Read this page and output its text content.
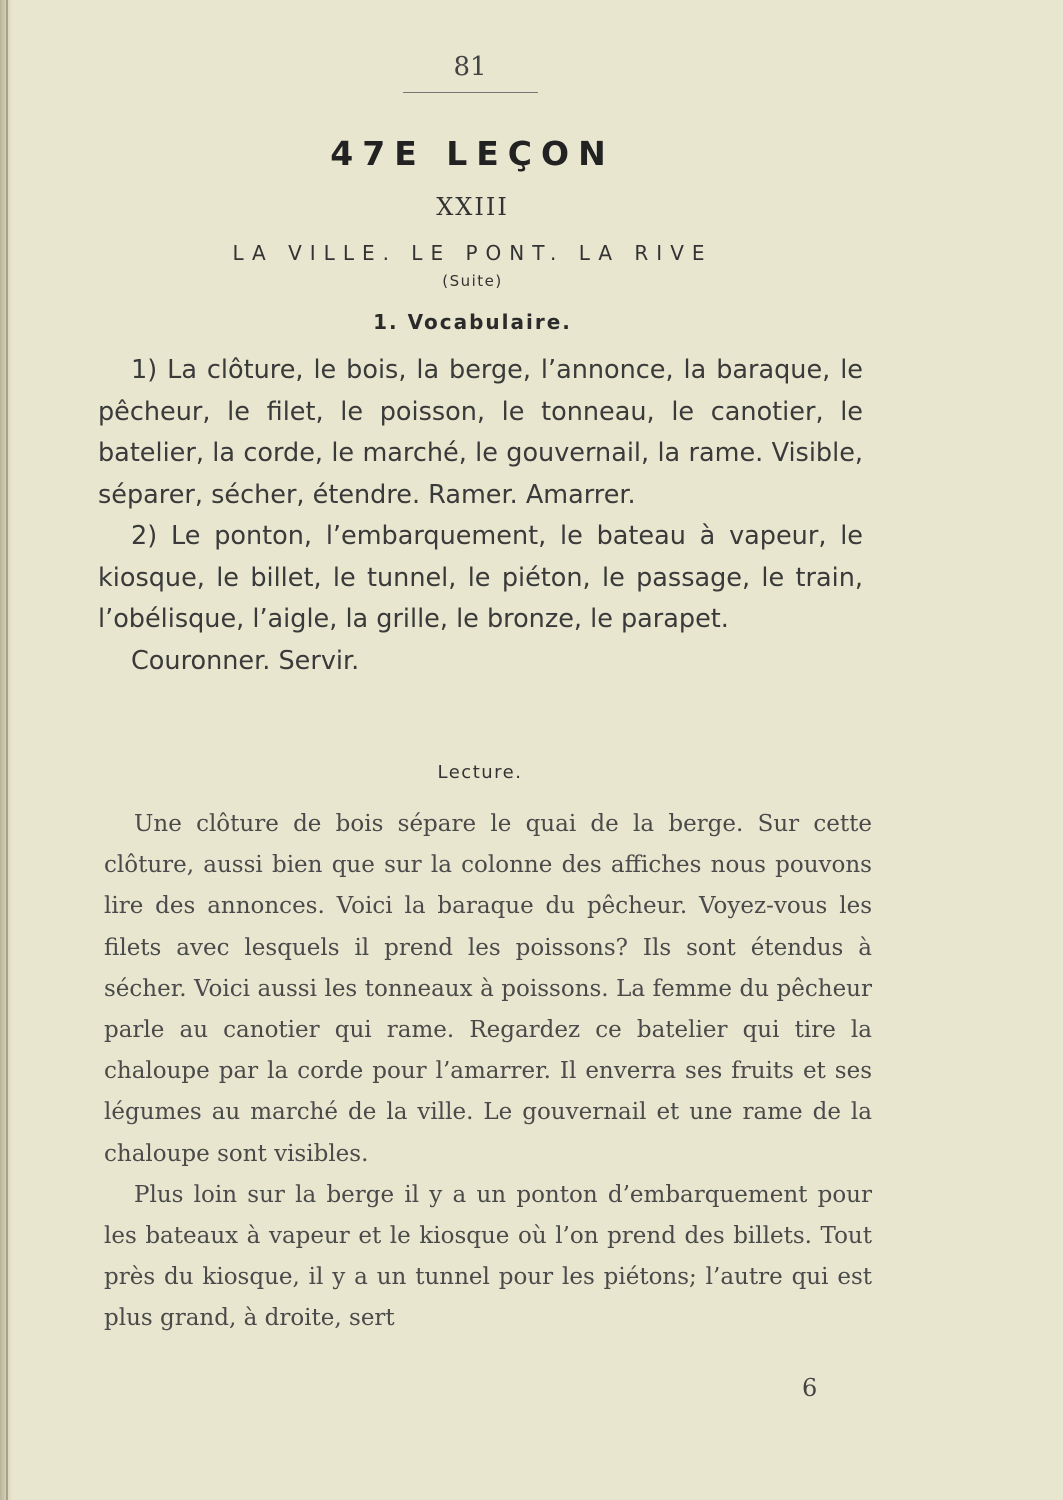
81
47E LEÇON
XXIII
LA VILLE. LE PONT. LA RIVE
(Suite)
1. Vocabulaire.

1) La clôture, le bois, la berge, l’annonce, la baraque, le pêcheur, le filet, le poisson, le tonneau, le canotier, le batelier, la corde, le marché, le gouvernail, la rame. Visible, séparer, sécher, étendre. Ramer. Amarrer.

2) Le ponton, l’embarquement, le bateau à vapeur, le kiosque, le billet, le tunnel, le piéton, le passage, le train, l’obélisque, l’aigle, la grille, le bronze, le parapet.

Couronner. Servir.

Lecture.

Une clôture de bois sépare le quai de la berge. Sur cette clôture, aussi bien que sur la colonne des affiches nous pouvons lire des annonces. Voici la baraque du pêcheur. Voyez-vous les filets avec lesquels il prend les poissons? Ils sont étendus à sécher. Voici aussi les tonneaux à poissons. La femme du pêcheur parle au canotier qui rame. Regardez ce batelier qui tire la chaloupe par la corde pour l’amarrer. Il enverra ses fruits et ses légumes au marché de la ville. Le gouvernail et une rame de la chaloupe sont visibles.

Plus loin sur la berge il y a un ponton d’embarquement pour les bateaux à vapeur et le kiosque où l’on prend des billets. Tout près du kiosque, il y a un tunnel pour les piétons; l’autre qui est plus grand, à droite, sert

6
